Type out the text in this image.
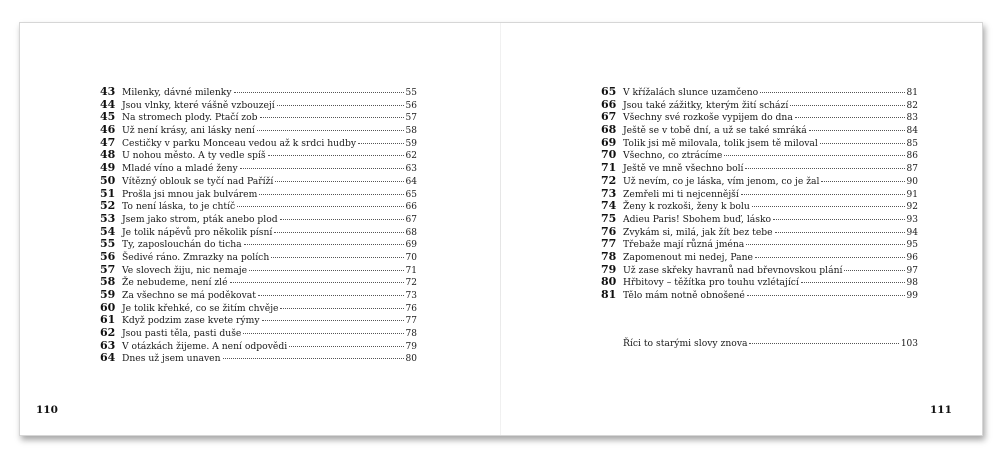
43 Milenky, dávné milenky	55
44 Jsou vlnky, které vášně vzbouzejí	56
45 Na stromech plody. Ptačí zob	57
46 Už není krásy, ani lásky není	58
47 Cestičky v parku Monceau vedou až k srdci hudby	59
48 U nohou město. A ty vedle spíš	62
49 Mladé víno a mladé ženy	63
50 Vítězný oblouk se tyčí nad Paříží	64
51 Prošla jsi mnou jak bulvárem	65
52 To není láska, to je chtíč	66
53 Jsem jako strom, pták anebo plod	67
54 Je tolik nápěvů pro několik písní	68
55 Ty, zaposlouchán do ticha	69
56 Šedivé ráno. Zmrazky na polích	70
57 Ve slovech žiju, nic nemaje	71
58 Že nebudeme, není zlé	72
59 Za všechno se má poděkovat	73
60 Je tolik křehké, co se žitím chvěje	76
61 Když podzim zase kvete rýmy	77
62 Jsou pasti těla, pasti duše	78
63 V otázkách žijeme. A není odpovědi	79
64 Dnes už jsem unaven	80
65 V křížalách slunce uzamčeno	81
66 Jsou také zážitky, kterým žití schází	82
67 Všechny své rozkoše vypijem do dna	83
68 Ještě se v tobě dní, a už se také smráká	84
69 Tolik jsi mě milovala, tolik jsem tě miloval	85
70 Všechno, co ztrácíme	86
71 Ještě ve mně všechno bolí	87
72 Už nevím, co je láska, vím jenom, co je žal	90
73 Zemřeli mi ti nejcennější	91
74 Ženy k rozkoši, ženy k bolu	92
75 Adieu Paris! Sbohem buď, lásko	93
76 Zvykám si, milá, jak žít bez tebe	94
77 Třebaže mají různá jména	95
78 Zapomenout mi nedej, Pane	96
79 Už zase skřeky havranů nad břevnovskou plání	97
80 Hřbitovy – těžítka pro touhu vzlétající	98
81 Tělo mám notně obnošené	99
Říci to starými slovy znova	103
110	111
